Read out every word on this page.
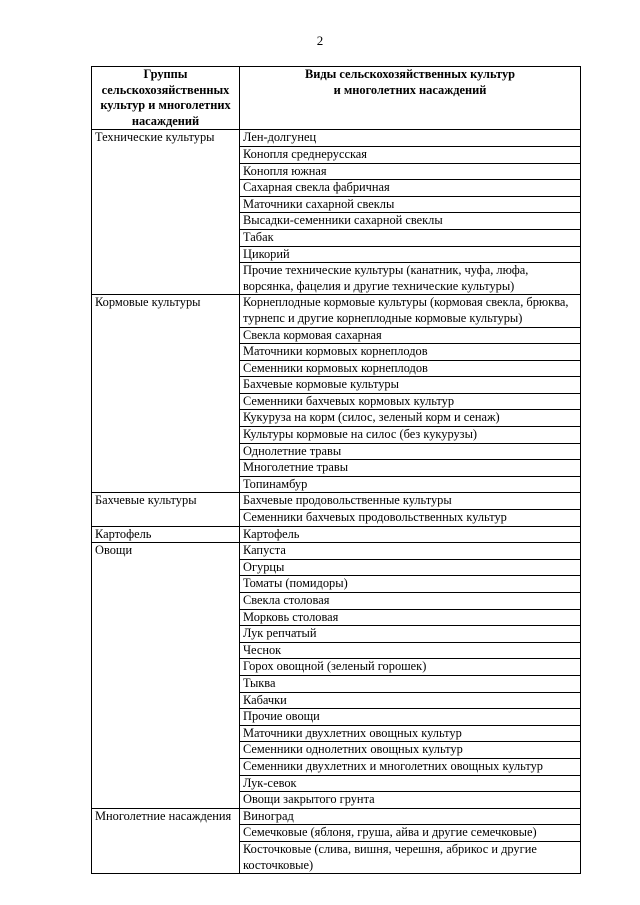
2
Группы сельскохозяйственных культур и многолетних насаждений	Виды сельскохозяйственных культур
и многолетних насаждений
Технические культуры	Лен-долгунец
	Конопля среднерусская
	Конопля южная
	Сахарная свекла фабричная
	Маточники сахарной свеклы
	Высадки-семенники сахарной свеклы
	Табак
	Цикорий
	Прочие технические культуры (канатник, чуфа, люфа, ворсянка, фацелия и другие технические культуры)
Кормовые культуры	Корнеплодные кормовые культуры (кормовая свекла, брюква, турнепс и другие корнеплодные кормовые культуры)
	Свекла кормовая сахарная
	Маточники кормовых корнеплодов
	Семенники кормовых корнеплодов
	Бахчевые кормовые культуры
	Семенники бахчевых кормовых культур
	Кукуруза на корм (силос, зеленый корм и сенаж)
	Культуры кормовые на силос (без кукурузы)
	Однолетние травы
	Многолетние травы
	Топинамбур
Бахчевые культуры	Бахчевые продовольственные культуры
	Семенники бахчевых продовольственных культур
Картофель	Картофель
Овощи	Капуста
	Огурцы
	Томаты (помидоры)
	Свекла столовая
	Морковь столовая
	Лук репчатый
	Чеснок
	Горох овощной (зеленый горошек)
	Тыква
	Кабачки
	Прочие овощи
	Маточники двухлетних овощных культур
	Семенники однолетних овощных культур
	Семенники двухлетних и многолетних овощных культур
	Лук-севок
	Овощи закрытого грунта
Многолетние насаждения	Виноград
	Семечковые (яблоня, груша, айва и другие семечковые)
	Косточковые (слива, вишня, черешня, абрикос и другие косточковые)
